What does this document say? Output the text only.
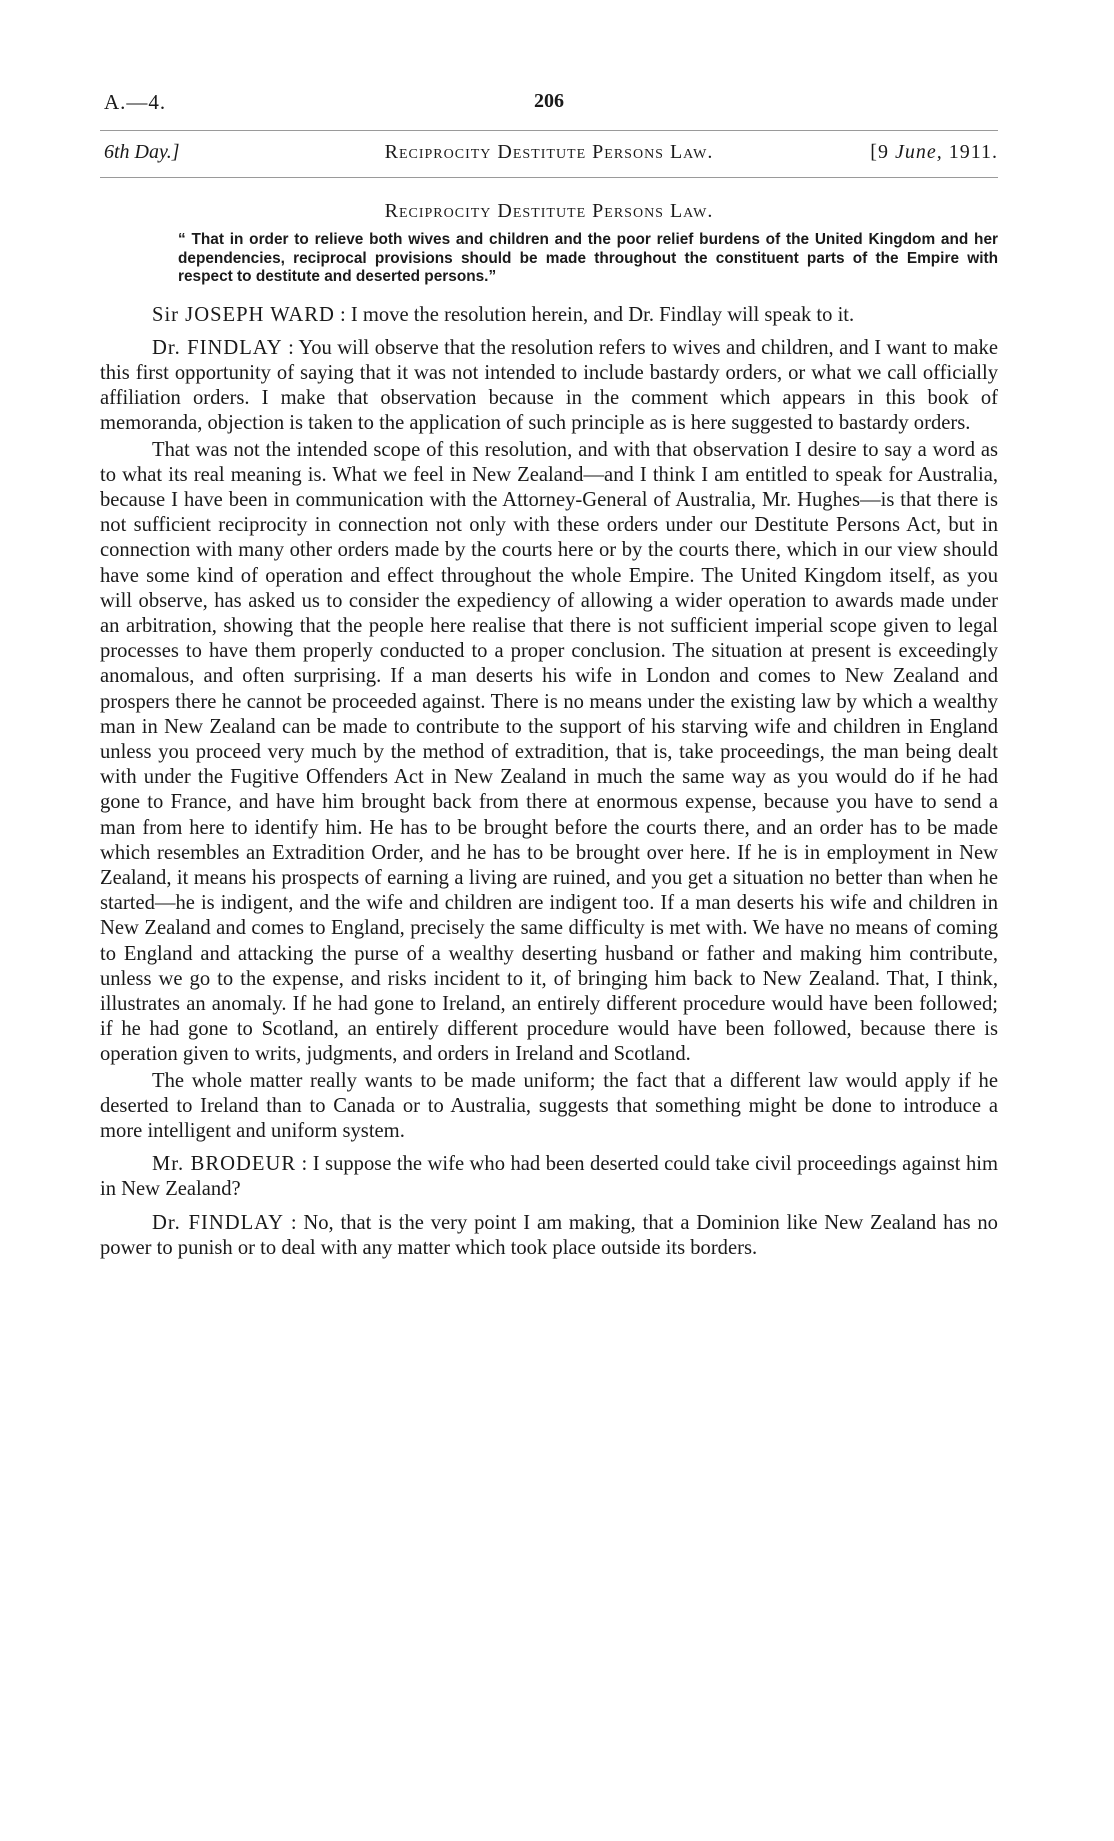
A.—4.	206
6th Day.]	Reciprocity Destitute Persons Law.	[9 June, 1911.
Reciprocity Destitute Persons Law.
“ That in order to relieve both wives and children and the poor relief burdens of the United Kingdom and her dependencies, reciprocal provisions should be made throughout the constituent parts of the Empire with respect to destitute and deserted persons.”

Sir JOSEPH WARD : I move the resolution herein, and Dr. Findlay will speak to it.

Dr. FINDLAY : You will observe that the resolution refers to wives and children, and I want to make this first opportunity of saying that it was not intended to include bastardy orders, or what we call officially affiliation orders. I make that observation because in the comment which appears in this book of memoranda, objection is taken to the application of such principle as is here suggested to bastardy orders.

That was not the intended scope of this resolution, and with that observation I desire to say a word as to what its real meaning is. What we feel in New Zealand—and I think I am entitled to speak for Australia, because I have been in communication with the Attorney-General of Australia, Mr. Hughes—is that there is not sufficient reciprocity in connection not only with these orders under our Destitute Persons Act, but in connection with many other orders made by the courts here or by the courts there, which in our view should have some kind of operation and effect throughout the whole Empire. The United Kingdom itself, as you will observe, has asked us to consider the expediency of allowing a wider operation to awards made under an arbitration, showing that the people here realise that there is not sufficient imperial scope given to legal processes to have them properly conducted to a proper conclusion. The situation at present is exceedingly anomalous, and often surprising. If a man deserts his wife in London and comes to New Zealand and prospers there he cannot be proceeded against. There is no means under the existing law by which a wealthy man in New Zealand can be made to contribute to the support of his starving wife and children in England unless you proceed very much by the method of extradition, that is, take proceedings, the man being dealt with under the Fugitive Offenders Act in New Zealand in much the same way as you would do if he had gone to France, and have him brought back from there at enormous expense, because you have to send a man from here to identify him. He has to be brought before the courts there, and an order has to be made which resembles an Extradition Order, and he has to be brought over here. If he is in employment in New Zealand, it means his prospects of earning a living are ruined, and you get a situation no better than when he started—he is indigent, and the wife and children are indigent too. If a man deserts his wife and children in New Zealand and comes to England, precisely the same difficulty is met with. We have no means of coming to England and attacking the purse of a wealthy deserting husband or father and making him contribute, unless we go to the expense, and risks incident to it, of bringing him back to New Zealand. That, I think, illustrates an anomaly. If he had gone to Ireland, an entirely different procedure would have been followed; if he had gone to Scotland, an entirely different procedure would have been followed, because there is operation given to writs, judgments, and orders in Ireland and Scotland.

The whole matter really wants to be made uniform; the fact that a different law would apply if he deserted to Ireland than to Canada or to Australia, suggests that something might be done to introduce a more intelligent and uniform system.

Mr. BRODEUR : I suppose the wife who had been deserted could take civil proceedings against him in New Zealand?

Dr. FINDLAY : No, that is the very point I am making, that a Dominion like New Zealand has no power to punish or to deal with any matter which took place outside its borders.
